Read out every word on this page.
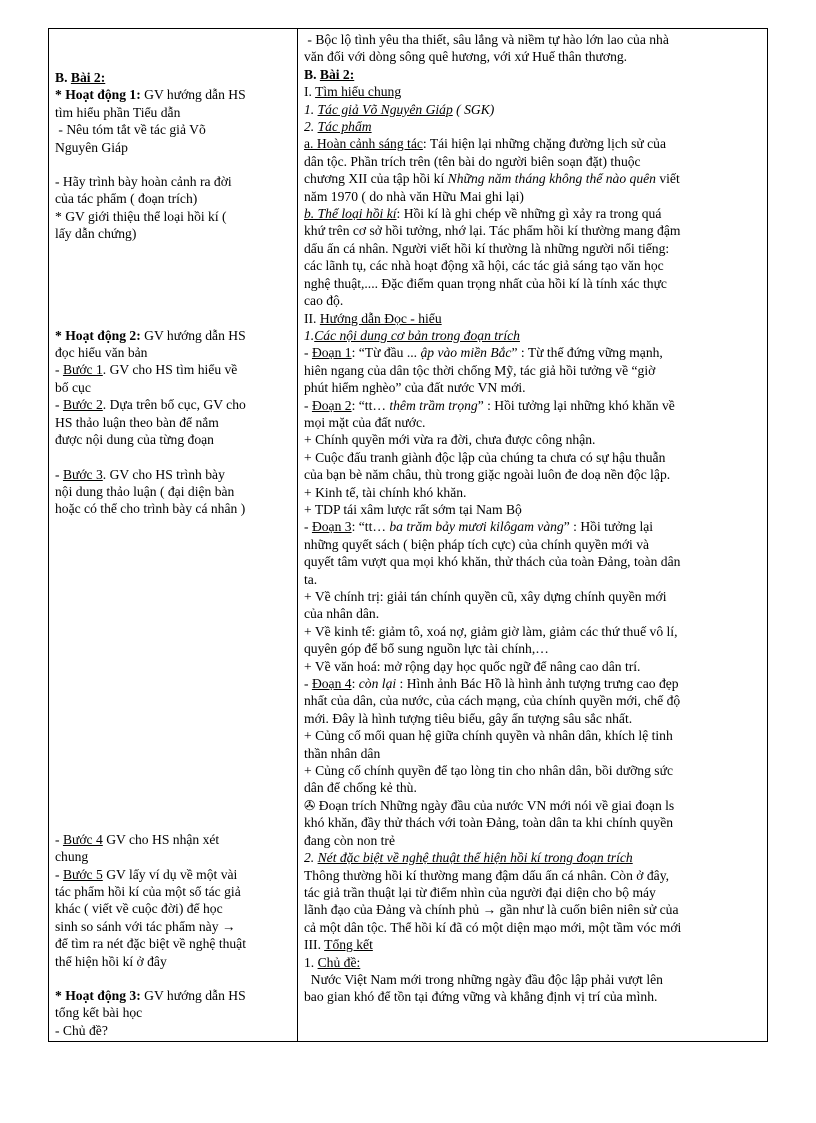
B. Bài 2:
* Hoạt động 1: GV hướng dẫn HS
tìm hiểu phần Tiểu dẫn
- Nêu tóm tắt về tác giả Võ
Nguyên Giáp
- Hãy trình bày hoàn cảnh ra đời
của tác phẩm ( đoạn trích)
* GV giới thiệu thể loại hồi kí (
lấy dẫn chứng)
* Hoạt động 2: GV hướng dẫn HS
đọc hiểu văn bản
- Bước 1. GV cho HS tìm hiểu về
bố cục
- Bước 2. Dựa trên bố cục, GV cho
HS thảo luận theo bàn để nắm
được nội dung của từng đoạn
- Bước 3. GV cho HS trình bày
nội dung thảo luận ( đại diện bàn
hoặc có thể cho trình bày cá nhân )
- Bước 4 GV cho HS nhận xét
chung
- Bước 5 GV lấy ví dụ về một vài
tác phẩm hồi kí của một số tác giả
khác ( viết về cuộc đời) để học
sinh so sánh với tác phẩm này →
để tìm ra nét đặc biệt về nghệ thuật
thể hiện hồi kí ở đây
* Hoạt động 3: GV hướng dẫn HS
tổng kết bài học
- Chủ đề?

- Bộc lộ tình yêu tha thiết, sâu lắng và niềm tự hào lớn lao của nhà
văn đối với dòng sông quê hương, với xứ Huế thân thương.
B. Bài 2:
I. Tìm hiểu chung
1. Tác giả Võ Nguyên Giáp ( SGK)
2. Tác phẩm
a. Hoàn cảnh sáng tác: Tái hiện lại những chặng đường lịch sử của
dân tộc. Phần trích trên (tên bài do người biên soạn đặt) thuộc
chương XII của tập hồi kí Những năm tháng không thể nào quên viết
năm 1970 ( do nhà văn Hữu Mai ghi lại)
b. Thể loại hồi kí: Hồi kí là ghi chép về những gì xảy ra trong quá
khứ trên cơ sở hồi tưởng, nhớ lại. Tác phẩm hồi kí thường mang đậm
dấu ấn cá nhân. Người viết hồi kí thường là những người nổi tiếng:
các lãnh tụ, các nhà hoạt động xã hội, các tác giả sáng tạo văn học
nghệ thuật,.... Đặc điểm quan trọng nhất của hồi kí là tính xác thực
cao độ.
II. Hướng dẫn Đọc - hiểu
1.Các nội dung cơ bản trong đoạn trích
- Đoạn 1: “Từ đầu ... ập vào miền Bắc” : Từ thế đứng vững mạnh,
hiên ngang của dân tộc thời chống Mỹ, tác giả hồi tưởng về “giờ
phút hiểm nghèo” của đất nước VN mới.
- Đoạn 2: “tt… thêm trầm trọng” : Hồi tưởng lại những khó khăn về
mọi mặt của đất nước.
+ Chính quyền mới vừa ra đời, chưa được công nhận.
+ Cuộc đấu tranh giành độc lập của chúng ta chưa có sự hậu thuẫn
của bạn bè năm châu, thù trong giặc ngoài luôn đe doạ nền độc lập.
+ Kinh tế, tài chính khó khăn.
+ TDP tái xâm lược rất sớm tại Nam Bộ
- Đoạn 3: “tt… ba trăm bảy mươi kilôgam vàng” : Hồi tưởng lại
những quyết sách ( biện pháp tích cực) của chính quyền mới và
quyết tâm vượt qua mọi khó khăn, thử thách của toàn Đảng, toàn dân
ta.
+ Về chính trị: giải tán chính quyền cũ, xây dựng chính quyền mới
của nhân dân.
+ Về kinh tế: giảm tô, xoá nợ, giảm giờ làm, giảm các thứ thuế vô lí,
quyên góp để bổ sung nguồn lực tài chính,…
+ Về văn hoá: mở rộng dạy học quốc ngữ để nâng cao dân trí.
- Đoạn 4: còn lại : Hình ảnh Bác Hồ là hình ảnh tượng trưng cao đẹp
nhất của dân, của nước, của cách mạng, của chính quyền mới, chế độ
mới. Đây là hình tượng tiêu biểu, gây ấn tượng sâu sắc nhất.
+ Củng cố mối quan hệ giữa chính quyền và nhân dân, khích lệ tinh
thần nhân dân
+ Củng cố chính quyền để tạo lòng tin cho nhân dân, bồi dưỡng sức
dân để chống kẻ thù.
✇ Đoạn trích Những ngày đầu của nước VN mới nói về giai đoạn ls
khó khăn, đầy thử thách với toàn Đảng, toàn dân ta khi chính quyền
đang còn non trẻ
2. Nét đặc biệt về nghệ thuật thể hiện hồi kí trong đoạn trích
Thông thường hồi kí thường mang đậm dấu ấn cá nhân. Còn ở đây,
tác giả trần thuật lại từ điểm nhìn của người đại diện cho bộ máy
lãnh đạo của Đảng và chính phủ → gần như là cuốn biên niên sử của
cả một dân tộc. Thể hồi kí đã có một diện mạo mới, một tầm vóc mới
III. Tổng kết
1. Chủ đề:
Nước Việt Nam mới trong những ngày đầu độc lập phải vượt lên
bao gian khó để tồn tại đứng vững và khẳng định vị trí của mình.
